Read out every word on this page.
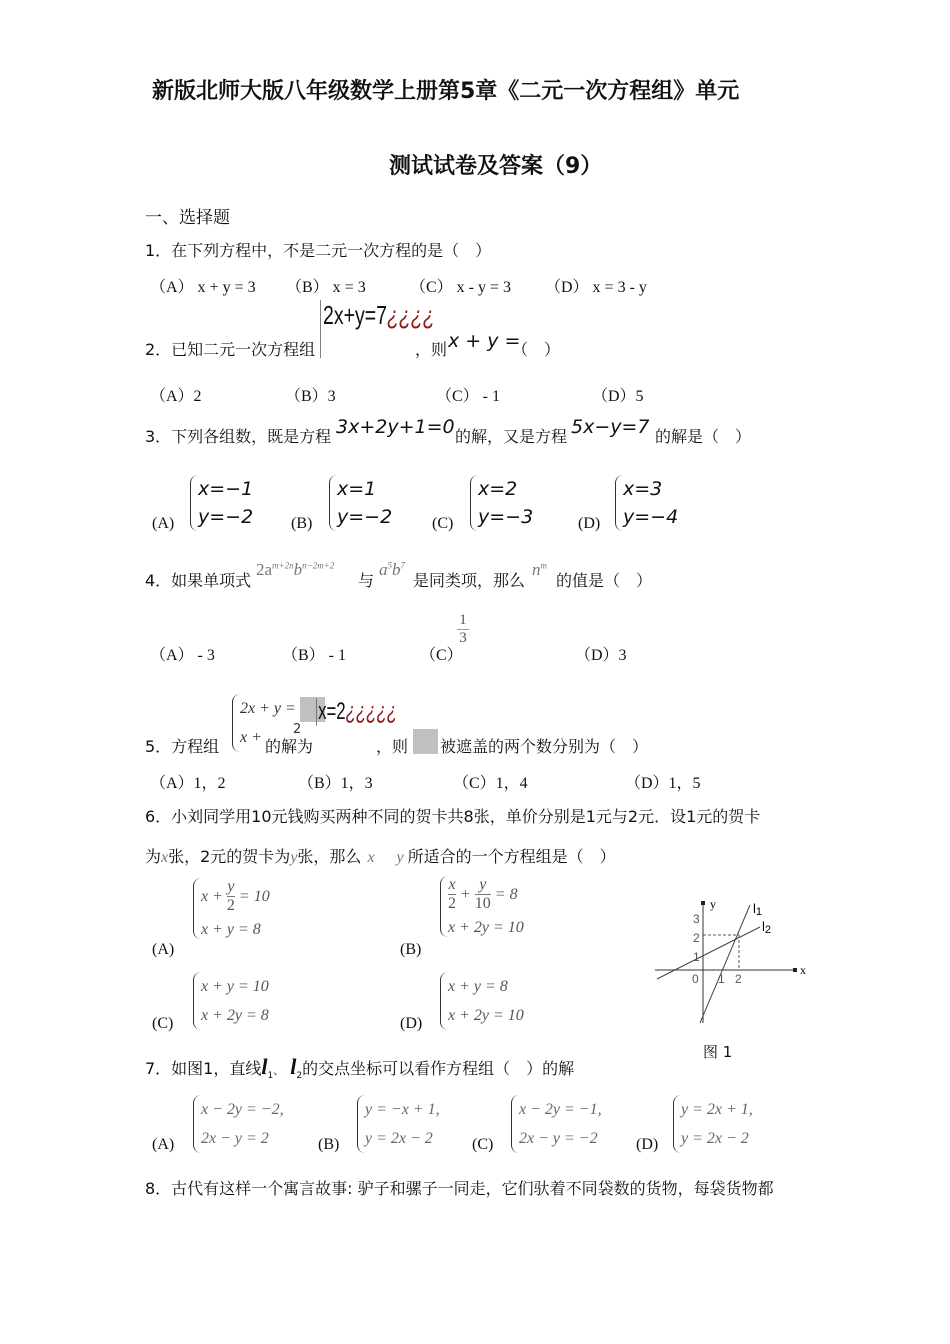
新版北师大版八年级数学上册第5章《二元一次方程组》单元
测试试卷及答案（9）
一、选择题
1．在下列方程中，不是二元一次方程的是（　）
（A） x + y = 3 （B） x = 3	（C） x - y = 3 （D） x = 3 - y
2．已知二元一次方程组
2x+y=7¿¿¿¿
，则 x + y =
（　）
（A）2	（B）3	（C） - 1	（D）5
3．下列各组数，既是方程 3x+2y+1=0 的解，又是方程 5x−y=7 的解是（　）
(A)
x=−1
y=−2 (B)
x=1
y=−2 (C)
x=2
y=−3	(D)
x=3
y=−4
4．如果单项式
$2a^{m+2n}b^{n-2m+2}$
与
$a^5b^7$
是同类项，那么
$n^m$
的值是（　）
（A） - 3	（B） - 1	（C）
$\frac{1}{3}$
（D）3
5．方程组
2x + y =
x + 的解为
2
x=2¿¿¿¿¿
，则 被遮盖的两个数分别为（　）
（A）1，2	（B）1，3	（C）1，4	（D）1，5
6．小刘同学用10元钱购买两种不同的贺卡共8张，单价分别是1元与2元．设1元的贺卡
为x张，2元的贺卡为y张，那么 x y 所适合的一个方程组是（　）
(A)
$x + \frac{y}{2} = 10$
x + y = 8
(B)
$\frac{x}{2} + \frac{y}{10} = 8$
x + 2y = 10
(C)
x + y = 10
x + 2y = 8	(D)
x + y = 8
x + 2y = 10
y
x
0 1 2
1
2
3
l1
l2
图 1
7．如图1，直线$l_1$、 $l_2$的交点坐标可以看作方程组（　）的解
(A)
x − 2y = −2,
2x − y = 2	(B)
y = −x + 1,
y = 2x − 2	(C)
x − 2y = −1,
2x − y = −2 (D)
y = 2x + 1,
y = 2x − 2
8．古代有这样一个寓言故事: 驴子和骡子一同走，它们驮着不同袋数的货物，每袋货物都
